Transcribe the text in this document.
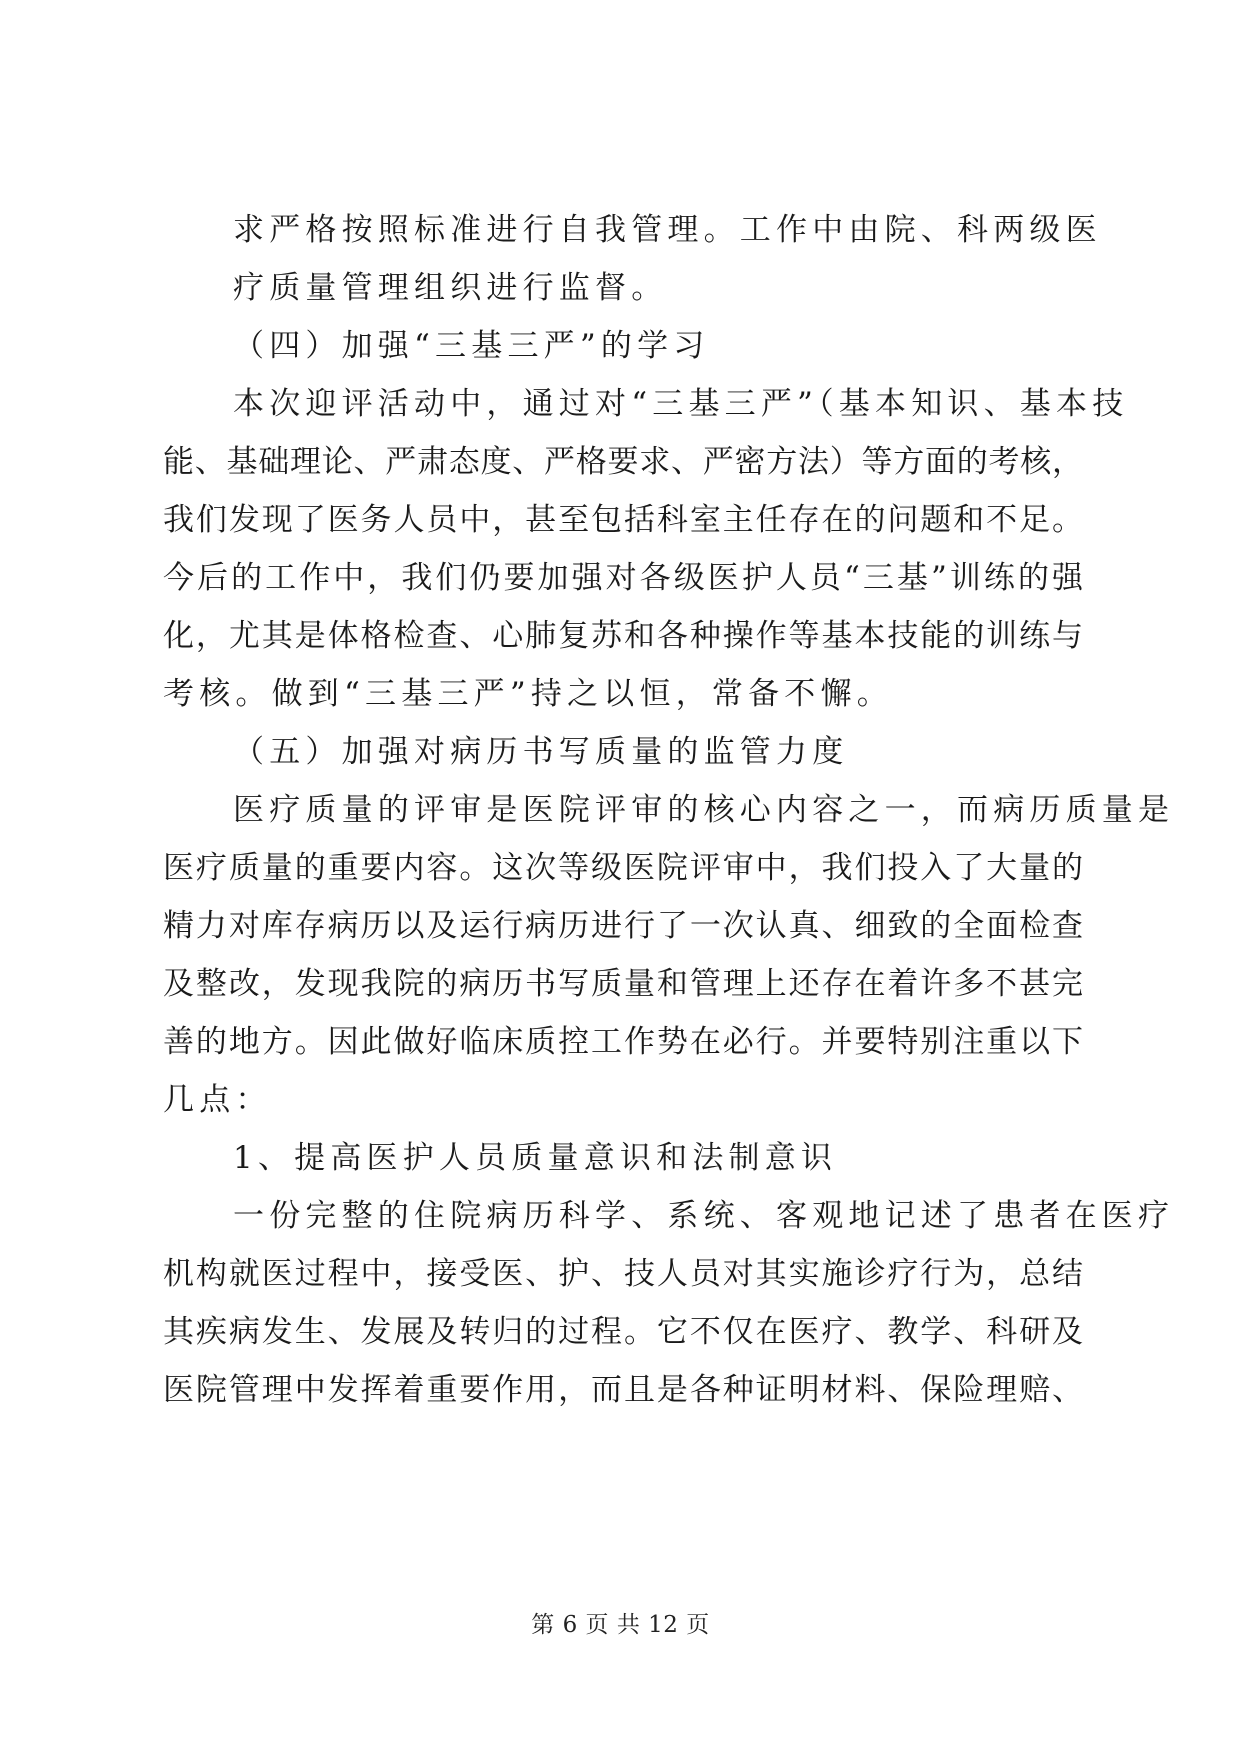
求严格按照标准进行自我管理。工作中由院、科两级医
疗质量管理组织进行监督。
（四）加强“三基三严”的学习
本次迎评活动中，通过对“三基三严”（基本知识、基本技
能、基础理论、严肃态度、严格要求、严密方法）等方面的考核，
我们发现了医务人员中，甚至包括科室主任存在的问题和不足。
今后的工作中，我们仍要加强对各级医护人员“三基”训练的强
化，尤其是体格检查、心肺复苏和各种操作等基本技能的训练与
考核。做到“三基三严”持之以恒，常备不懈。
（五）加强对病历书写质量的监管力度
医疗质量的评审是医院评审的核心内容之一，而病历质量是
医疗质量的重要内容。这次等级医院评审中，我们投入了大量的
精力对库存病历以及运行病历进行了一次认真、细致的全面检查
及整改，发现我院的病历书写质量和管理上还存在着许多不甚完
善的地方。因此做好临床质控工作势在必行。并要特别注重以下
几点：
1、提高医护人员质量意识和法制意识
一份完整的住院病历科学、系统、客观地记述了患者在医疗
机构就医过程中，接受医、护、技人员对其实施诊疗行为，总结
其疾病发生、发展及转归的过程。它不仅在医疗、教学、科研及
医院管理中发挥着重要作用，而且是各种证明材料、保险理赔、
第 6 页 共 12 页
